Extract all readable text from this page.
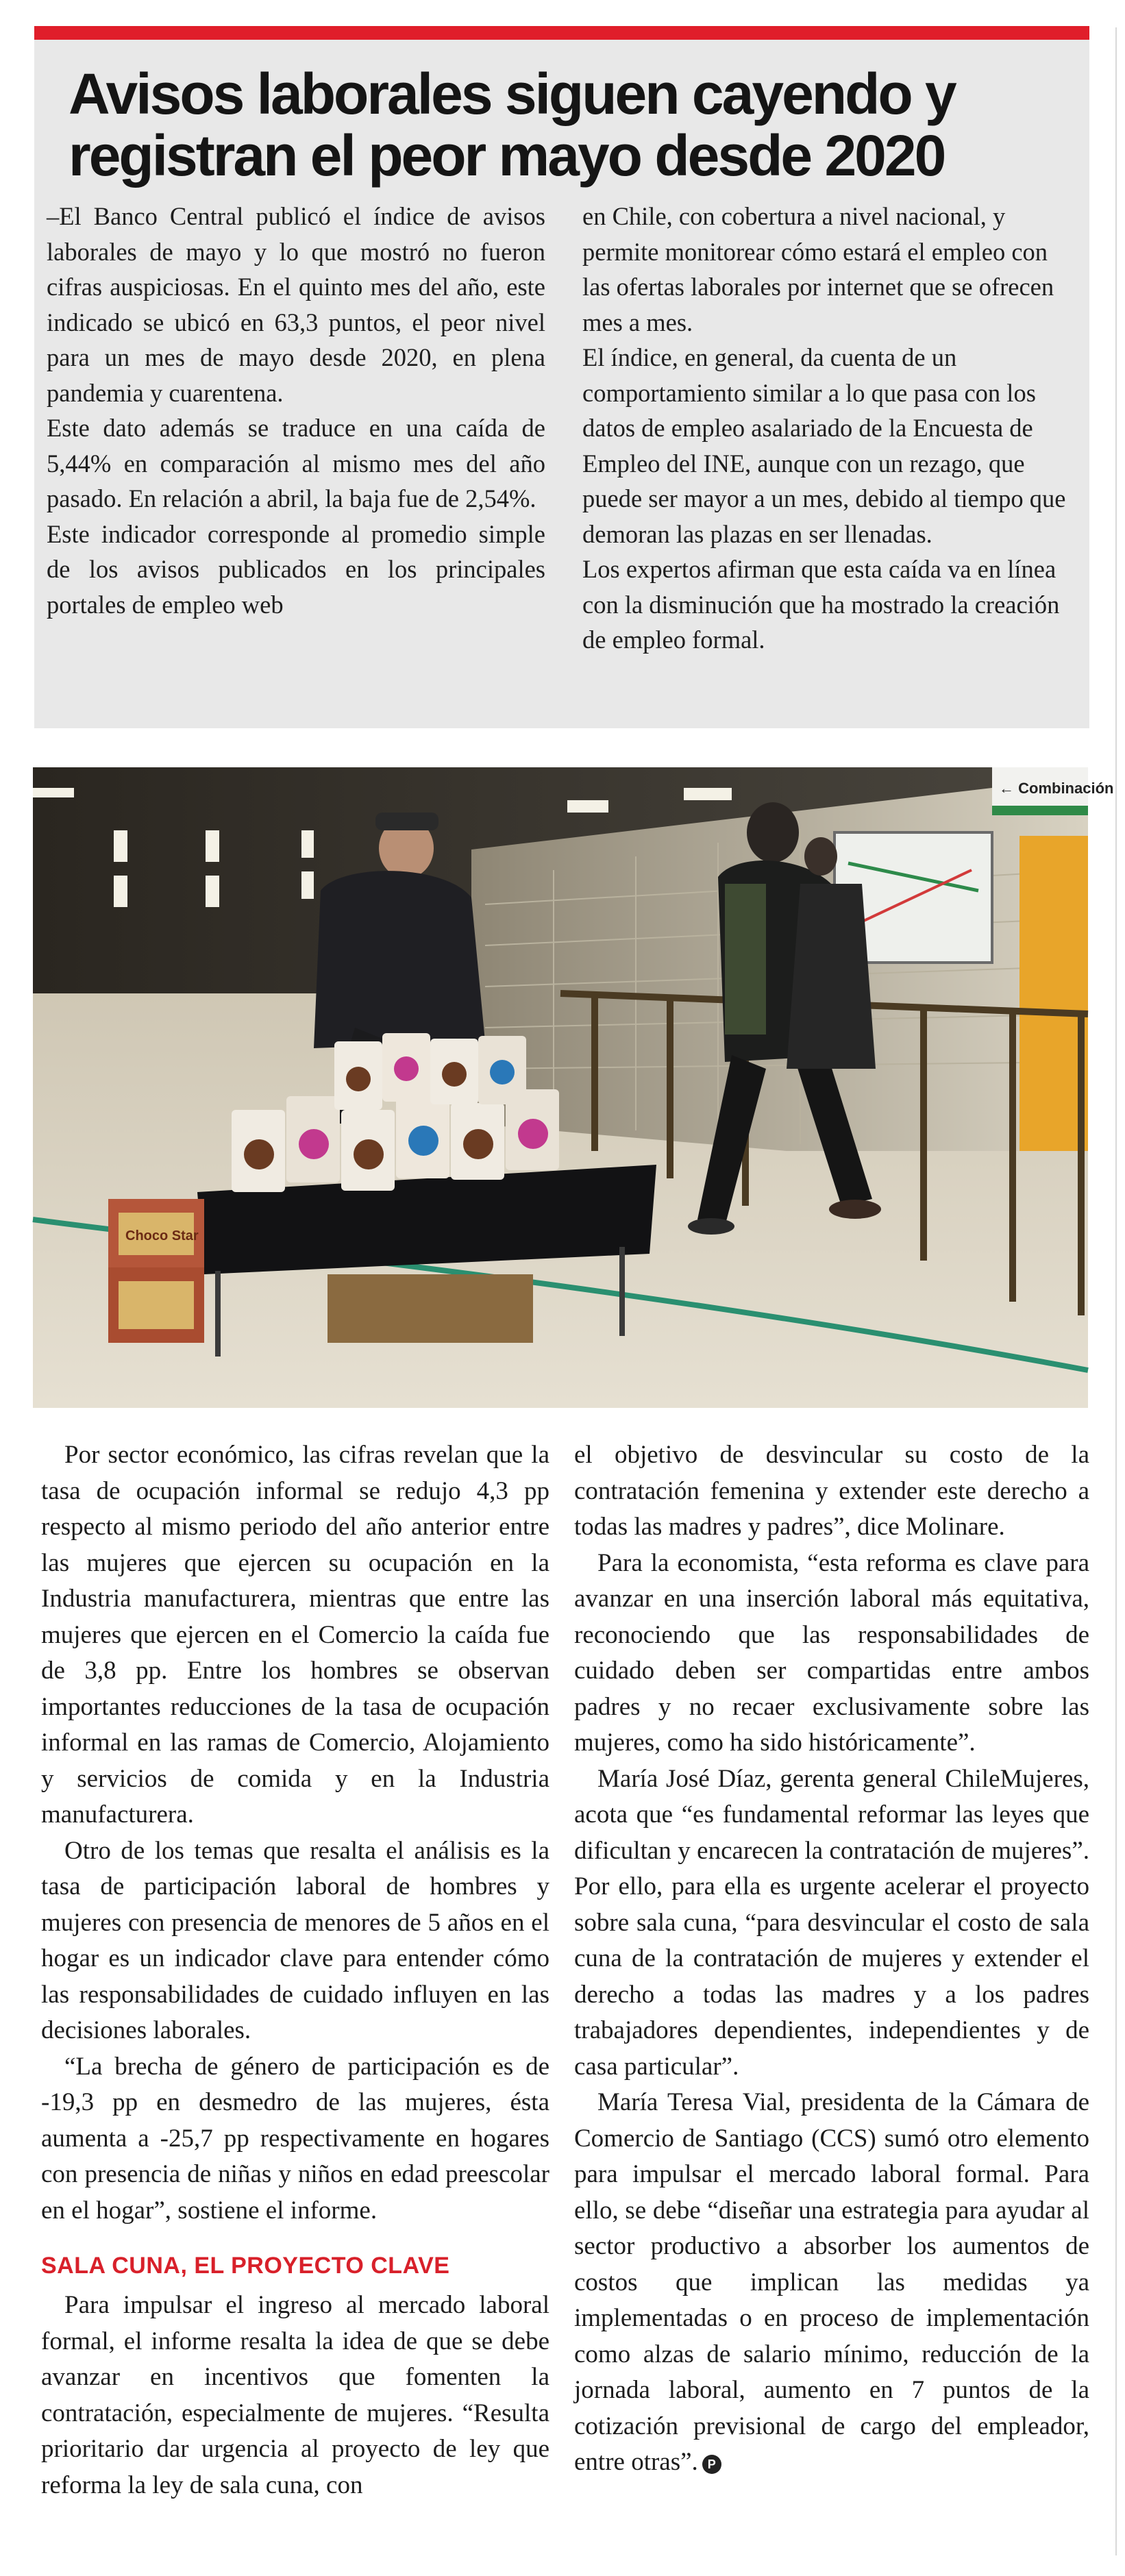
Avisos laborales siguen cayendo y registran el peor mayo desde 2020

–El Banco Central publicó el índice de avisos laborales de mayo y lo que mostró no fueron cifras auspiciosas. En el quinto mes del año, este indicado se ubicó en 63,3 puntos, el peor nivel para un mes de mayo desde 2020, en plena pandemia y cuarentena.

Este dato además se traduce en una caída de 5,44% en comparación al mismo mes del año pasado. En relación a abril, la baja fue de 2,54%.

Este indicador corresponde al promedio simple de los avisos publicados en los principales portales de empleo web

en Chile, con cobertura a nivel nacional, y permite monitorear cómo estará el empleo con las ofertas laborales por internet que se ofrecen mes a mes.

El índice, en general, da cuenta de un comportamiento similar a lo que pasa con los datos de empleo asalariado de la Encuesta de Empleo del INE, aunque con un rezago, que puede ser mayor a un mes, debido al tiempo que demoran las plazas en ser llenadas.

Los expertos afirman que esta caída va en línea con la disminución que ha mostrado la creación de empleo formal.

← Combinación
Choco Star

Por sector económico, las cifras revelan que la tasa de ocupación informal se redujo 4,3 pp respecto al mismo periodo del año anterior entre las mujeres que ejercen su ocupación en la Industria manufacturera, mientras que entre las mujeres que ejercen en el Comercio la caída fue de 3,8 pp. Entre los hombres se observan importantes reducciones de la tasa de ocupación informal en las ramas de Comercio, Alojamiento y servicios de comida y en la Industria manufacturera.

Otro de los temas que resalta el análisis es la tasa de participación laboral de hombres y mujeres con presencia de menores de 5 años en el hogar es un indicador clave para entender cómo las responsabilidades de cuidado influyen en las decisiones laborales.

“La brecha de género de participación es de -19,3 pp en desmedro de las mujeres, ésta aumenta a -25,7 pp respectivamente en hogares con presencia de niñas y niños en edad preescolar en el hogar”, sostiene el informe.

SALA CUNA, EL PROYECTO CLAVE

Para impulsar el ingreso al mercado laboral formal, el informe resalta la idea de que se debe avanzar en incentivos que fomenten la contratación, especialmente de mujeres. “Resulta prioritario dar urgencia al proyecto de ley que reforma la ley de sala cuna, con

el objetivo de desvincular su costo de la contratación femenina y extender este derecho a todas las madres y padres”, dice Molinare.

Para la economista, “esta reforma es clave para avanzar en una inserción laboral más equitativa, reconociendo que las responsabilidades de cuidado deben ser compartidas entre ambos padres y no recaer exclusivamente sobre las mujeres, como ha sido históricamente”.

María José Díaz, gerenta general ChileMujeres, acota que “es fundamental reformar las leyes que dificultan y encarecen la contratación de mujeres”. Por ello, para ella es urgente acelerar el proyecto sobre sala cuna, “para desvincular el costo de sala cuna de la contratación de mujeres y extender el derecho a todas las madres y a los padres trabajadores dependientes, independientes y de casa particular”.

María Teresa Vial, presidenta de la Cámara de Comercio de Santiago (CCS) sumó otro elemento para impulsar el mercado laboral formal. Para ello, se debe “diseñar una estrategia para ayudar al sector productivo a absorber los aumentos de costos que implican las medidas ya implementadas o en proceso de implementación como alzas de salario mínimo, reducción de la jornada laboral, aumento en 7 puntos de la cotización previsional de cargo del empleador, entre otras”. P
